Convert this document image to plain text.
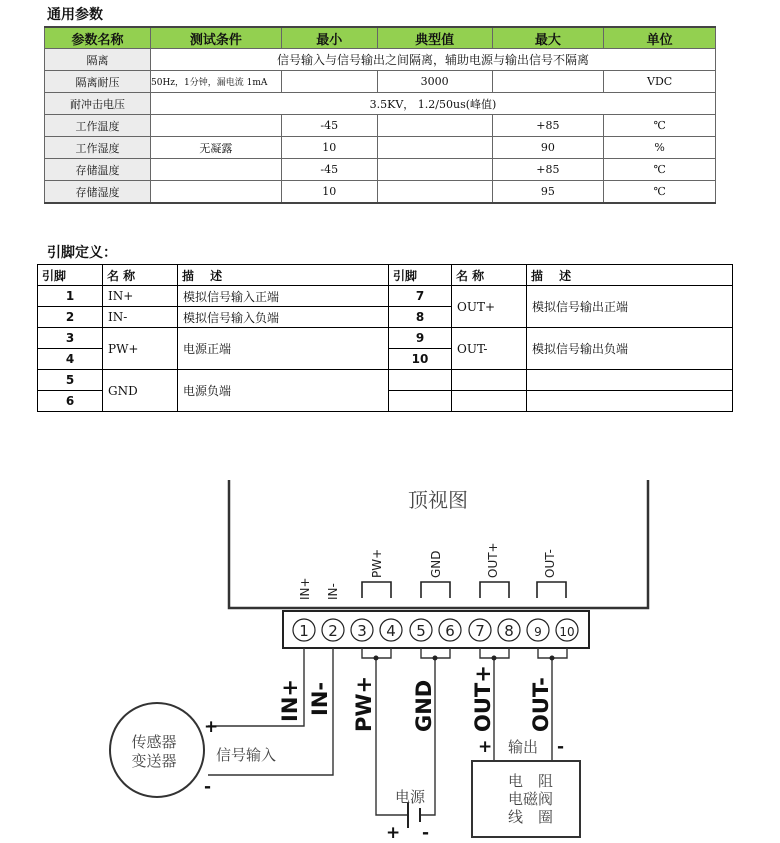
通用参数
参数名称	测试条件	最小	典型值	最大	单位
隔离	信号输入与信号输出之间隔离，辅助电源与输出信号不隔离				
隔离耐压	50Hz，1分钟，漏电流 1mA		3000		VDC
耐冲击电压	3.5KV， 1.2/50us(峰值)				
工作温度		-45		+85	℃
工作湿度	无凝露	10		90	%
存储温度		-45		+85	℃
存储湿度		10		95	℃
引脚定义：
引脚	名 称	描　 述	引脚	名 称	描　 述
1	IN+	模拟信号输入正端	7	OUT+	模拟信号输出正端
2	IN-	模拟信号输入负端	8		
3	PW+	电源正端	9	OUT-	模拟信号输出负端
4			10		
5	GND	电源负端			
6					
顶视图
IN+ IN-
PW+	GND	OUT+	OUT-
1 2 3 4 5 6 7 8 9 10
IN+ IN- PW+ GND OUT+ OUT-
传感器
变送器	信号输入
+
-	电源
+ -
电　阻
电磁阀
线　圈
输出
+	-
